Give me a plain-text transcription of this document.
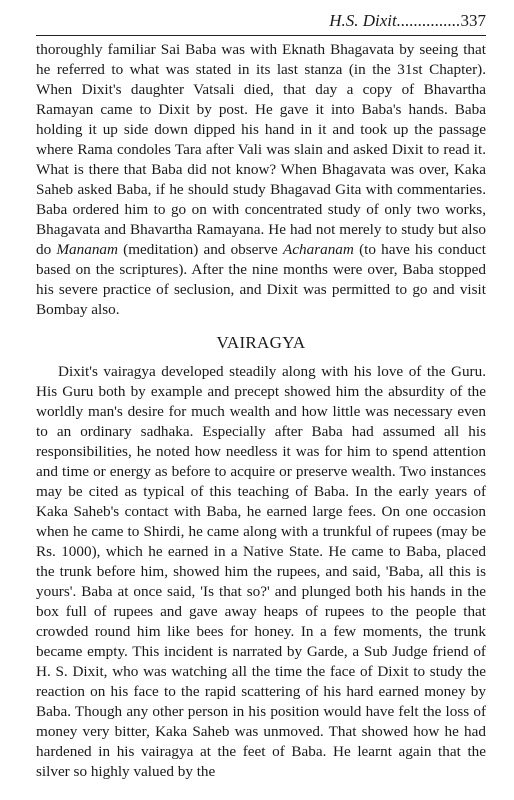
H.S. Dixit...............337

thoroughly familiar Sai Baba was with Eknath Bhagavata by seeing that he referred to what was stated in its last stanza (in the 31st Chapter). When Dixit's daughter Vatsali died, that day a copy of Bhavartha Ramayan came to Dixit by post. He gave it into Baba's hands. Baba holding it up side down dipped his hand in it and took up the passage where Rama condoles Tara after Vali was slain and asked Dixit to read it. What is there that Baba did not know? When Bhagavata was over, Kaka Saheb asked Baba, if he should study Bhagavad Gita with commentaries. Baba ordered him to go on with concentrated study of only two works, Bhagavata and Bhavartha Ramayana. He had not merely to study but also do Mananam (meditation) and observe Acharanam (to have his conduct based on the scriptures). After the nine months were over, Baba stopped his severe practice of seclusion, and Dixit was permitted to go and visit Bombay also.

VAIRAGYA

Dixit's vairagya developed steadily along with his love of the Guru. His Guru both by example and precept showed him the absurdity of the worldly man's desire for much wealth and how little was necessary even to an ordinary sadhaka. Especially after Baba had assumed all his responsibilities, he noted how needless it was for him to spend attention and time or energy as before to acquire or preserve wealth. Two instances may be cited as typical of this teaching of Baba. In the early years of Kaka Saheb's contact with Baba, he earned large fees. On one occasion when he came to Shirdi, he came along with a trunkful of rupees (may be Rs. 1000), which he earned in a Native State. He came to Baba, placed the trunk before him, showed him the rupees, and said, 'Baba, all this is yours'. Baba at once said, 'Is that so?' and plunged both his hands in the box full of rupees and gave away heaps of rupees to the people that crowded round him like bees for honey. In a few moments, the trunk became empty. This incident is narrated by Garde, a Sub Judge friend of H. S. Dixit, who was watching all the time the face of Dixit to study the reaction on his face to the rapid scattering of his hard earned money by Baba. Though any other person in his position would have felt the loss of money very bitter, Kaka Saheb was unmoved. That showed how he had hardened in his vairagya at the feet of Baba. He learnt again that the silver so highly valued by the
